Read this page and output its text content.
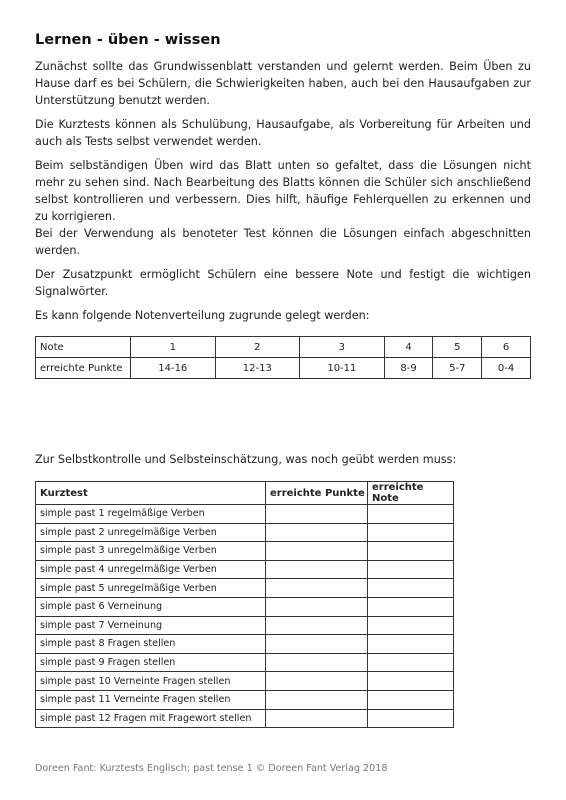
Lernen - üben - wissen

Zunächst sollte das Grundwissenblatt verstanden und gelernt werden. Beim Üben zu Hause darf es bei Schülern, die Schwierigkeiten haben, auch bei den Hausaufgaben zur Unterstützung benutzt werden.

Die Kurztests können als Schulübung, Hausaufgabe, als Vorbereitung für Arbeiten und auch als Tests selbst verwendet werden.

Beim selbständigen Üben wird das Blatt unten so gefaltet, dass die Lösungen nicht mehr zu sehen sind. Nach Bearbeitung des Blatts können die Schüler sich anschließend selbst kontrollieren und verbessern. Dies hilft, häufige Fehlerquellen zu erkennen und zu korrigieren.

Bei der Verwendung als benoteter Test können die Lösungen einfach abgeschnitten werden.

Der Zusatzpunkt ermöglicht Schülern eine bessere Note und festigt die wichtigen Signalwörter.

Es kann folgende Notenverteilung zugrunde gelegt werden:

Note	1	2	3	4	5	6
erreichte Punkte	14-16	12-13	10-11	8-9	5-7	0-4

Zur Selbstkontrolle und Selbsteinschätzung, was noch geübt werden muss:

Kurztest	erreichte Punkte	erreichte Note
simple past 1 regelmäßige Verben		
simple past 2 unregelmäßige Verben		
simple past 3 unregelmäßige Verben		
simple past 4 unregelmäßige Verben		
simple past 5 unregelmäßige Verben		
simple past 6 Verneinung		
simple past 7 Verneinung		
simple past 8 Fragen stellen		
simple past 9 Fragen stellen		
simple past 10 Verneinte Fragen stellen		
simple past 11 Verneinte Fragen stellen		
simple past 12 Fragen mit Fragewort stellen		
Doreen Fant: Kurztests Englisch: past tense 1 © Doreen Fant Verlag 2018
